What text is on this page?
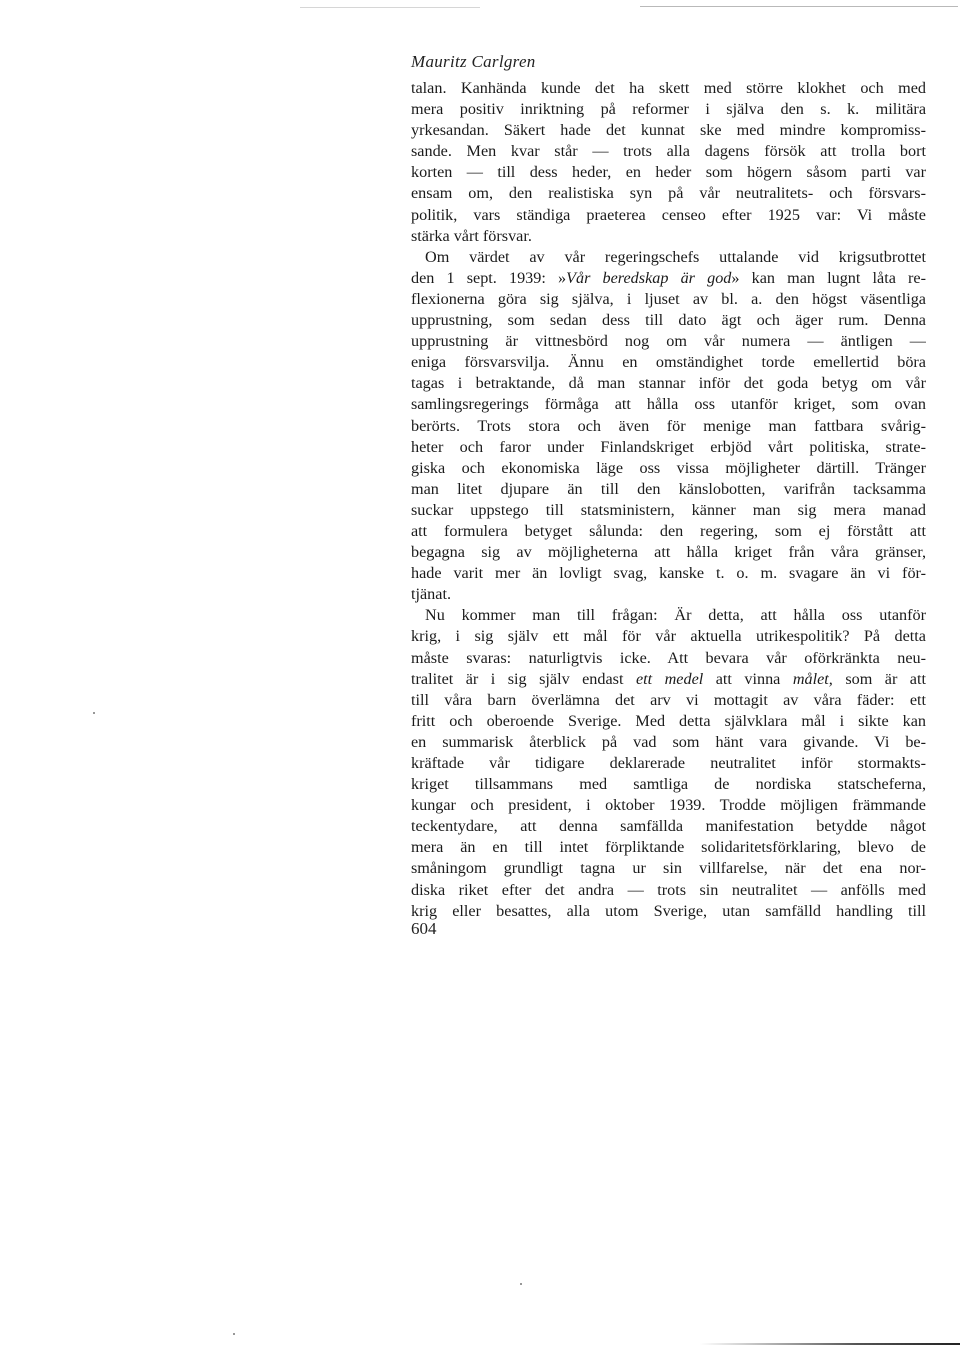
Mauritz Carlgren
talan. Kanhända kunde det ha skett med större klokhet och med
mera positiv inriktning på reformer i själva den s. k. militära
yrkesandan. Säkert hade det kunnat ske med mindre kompromiss-
sande. Men kvar står — trots alla dagens försök att trolla bort
korten — till dess heder, en heder som högern såsom parti var
ensam om, den realistiska syn på vår neutralitets- och försvars-
politik, vars ständiga praeterea censeo efter 1925 var: Vi måste
stärka vårt försvar.
Om värdet av vår regeringschefs uttalande vid krigsutbrottet
den 1 sept. 1939: »Vår beredskap är god» kan man lugnt låta re-
flexionerna göra sig själva, i ljuset av bl. a. den högst väsentliga
upprustning, som sedan dess till dato ägt och äger rum. Denna
upprustning är vittnesbörd nog om vår numera — äntligen —
eniga försvarsvilja. Ännu en omständighet torde emellertid böra
tagas i betraktande, då man stannar inför det goda betyg om vår
samlingsregerings förmåga att hålla oss utanför kriget, som ovan
berörts. Trots stora och även för menige man fattbara svårig-
heter och faror under Finlandskriget erbjöd vårt politiska, strate-
giska och ekonomiska läge oss vissa möjligheter därtill. Tränger
man litet djupare än till den känslobotten, varifrån tacksamma
suckar uppstego till statsministern, känner man sig mera manad
att formulera betyget sålunda: den regering, som ej förstått att
begagna sig av möjligheterna att hålla kriget från våra gränser,
hade varit mer än lovligt svag, kanske t. o. m. svagare än vi för-
tjänat.
Nu kommer man till frågan: Är detta, att hålla oss utanför
krig, i sig själv ett mål för vår aktuella utrikespolitik? På detta
måste svaras: naturligtvis icke. Att bevara vår oförkränkta neu-
tralitet är i sig själv endast ett medel att vinna målet, som är att
till våra barn överlämna det arv vi mottagit av våra fäder: ett
fritt och oberoende Sverige. Med detta självklara mål i sikte kan
en summarisk återblick på vad som hänt vara givande. Vi be-
kräftade vår tidigare deklarerade neutralitet inför stormakts-
kriget tillsammans med samtliga de nordiska statscheferna,
kungar och president, i oktober 1939. Trodde möjligen främmande
teckentydare, att denna samfällda manifestation betydde något
mera än en till intet förpliktande solidaritetsförklaring, blevo de
småningom grundligt tagna ur sin villfarelse, när det ena nor-
diska riket efter det andra — trots sin neutralitet — anfölls med
krig eller besattes, alla utom Sverige, utan samfälld handling till
604
